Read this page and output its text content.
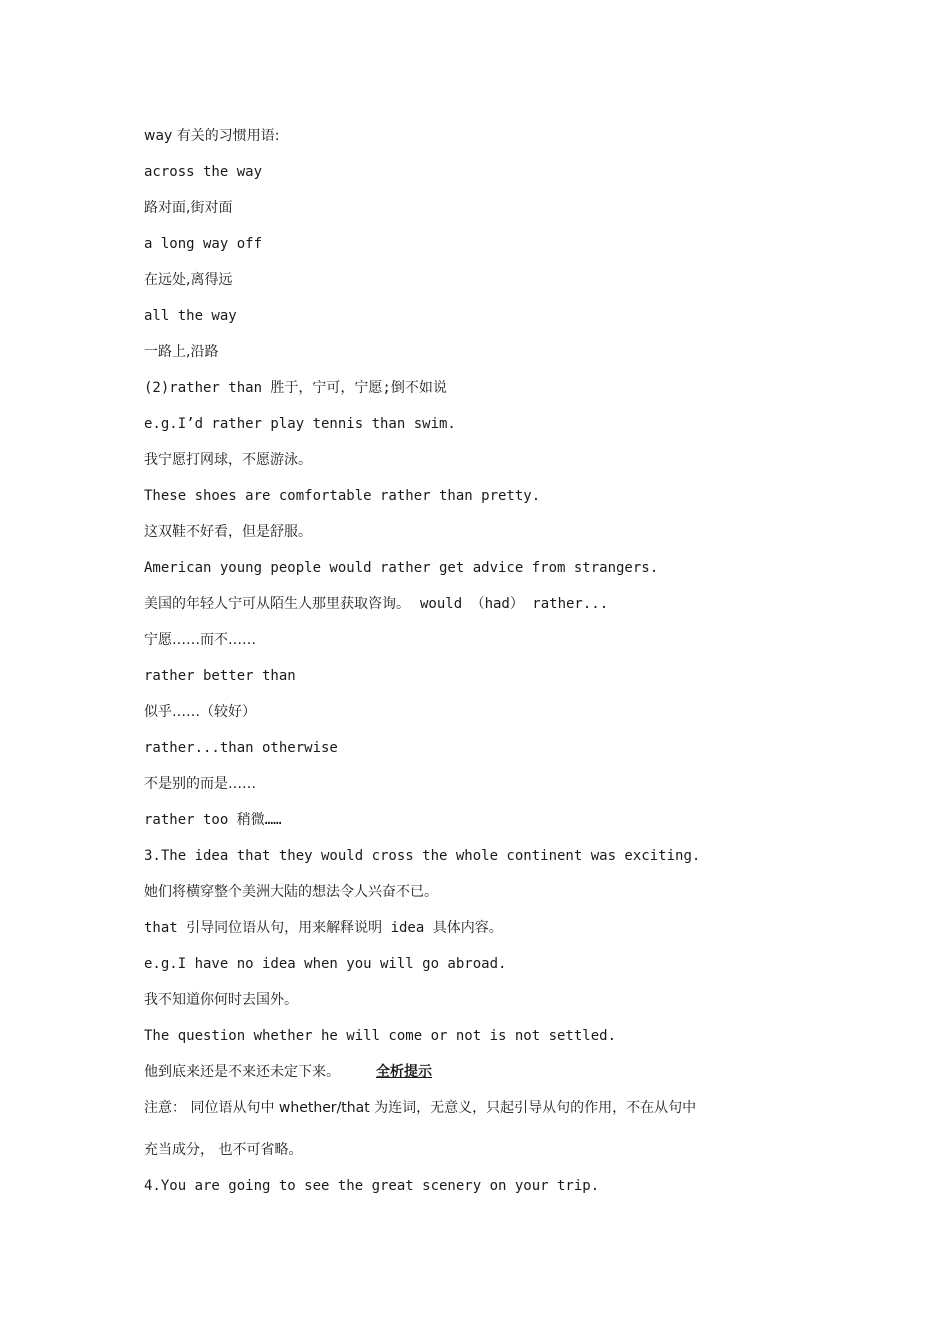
way 有关的习惯用语:
across the way
路对面,街对面
a long way off
在远处,离得远
all the way
一路上,沿路
(2)rather than 胜于，宁可，宁愿;倒不如说
e.g.I’d rather play tennis than swim.
我宁愿打网球，不愿游泳。
These shoes are comfortable rather than pretty.
这双鞋不好看，但是舒服。
American young people would rather get advice from strangers.
美国的年轻人宁可从陌生人那里获取咨询。 would （had） rather...
宁愿……而不……
rather better than
似乎……（较好）
rather...than otherwise
不是别的而是……
rather too 稍微……
3.The idea that they would cross the whole continent was exciting.
她们将横穿整个美洲大陆的想法令人兴奋不已。
that 引导同位语从句，用来解释说明 idea 具体内容。
e.g.I have no idea when you will go abroad.
我不知道你何时去国外。
The question whether he will come or not is not settled.
他到底来还是不来还未定下来。	全析提示
注意： 同位语从句中 whether/that 为连词，无意义，只起引导从句的作用，不在从句中
充当成分， 也不可省略。
4.You are going to see the great scenery on your trip.
